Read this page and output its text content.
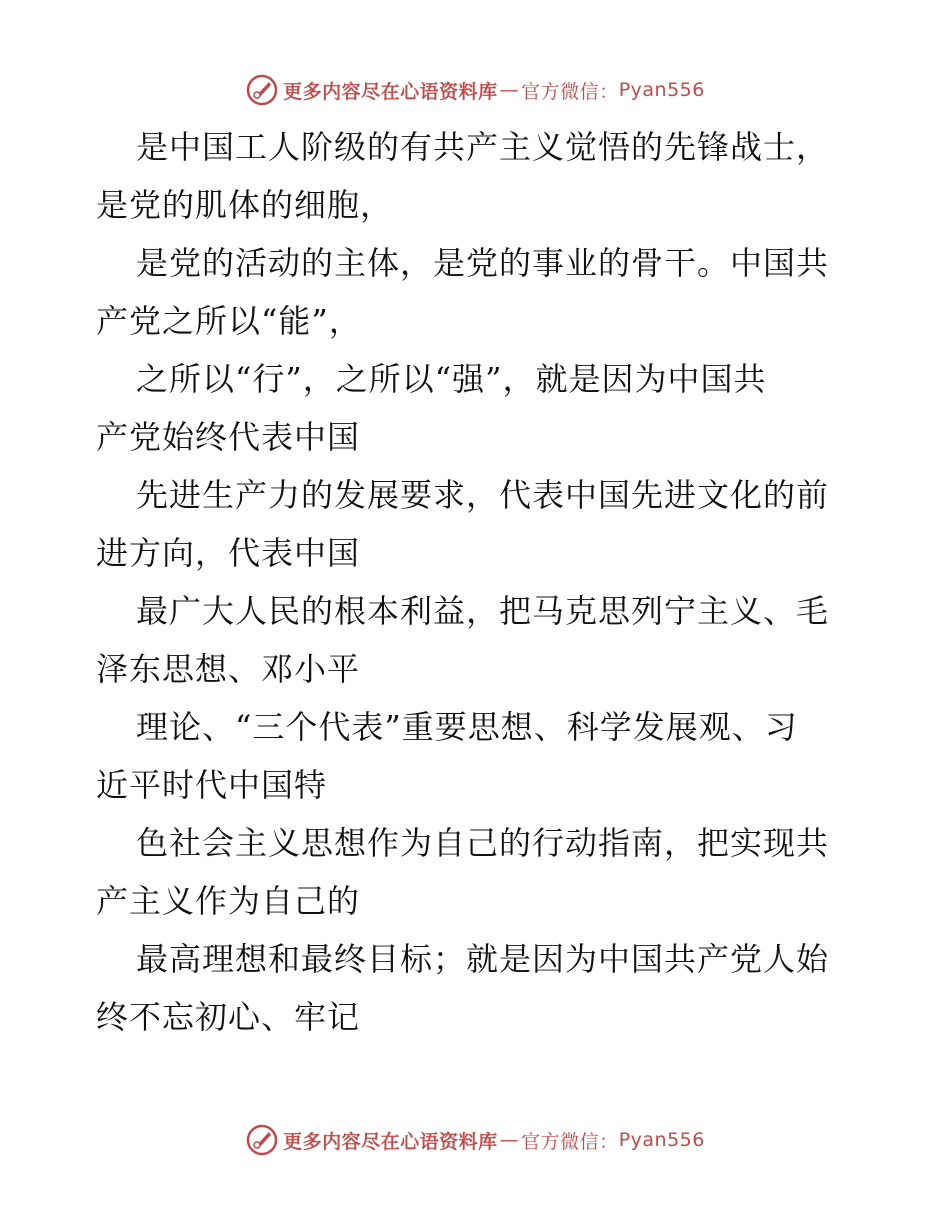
更多内容尽在心语资料库 — 官方微信： Pyan556
是中国工人阶级的有共产主义觉悟的先锋战士，
是党的肌体的细胞，
是党的活动的主体，是党的事业的骨干。中国共
产党之所以“能”，
之所以“行”，之所以“强”，就是因为中国共
产党始终代表中国
先进生产力的发展要求，代表中国先进文化的前
进方向，代表中国
最广大人民的根本利益，把马克思列宁主义、毛
泽东思想、邓小平
理论、“三个代表”重要思想、科学发展观、习
近平时代中国特
色社会主义思想作为自己的行动指南，把实现共
产主义作为自己的
最高理想和最终目标；就是因为中国共产党人始
终不忘初心、牢记
更多内容尽在心语资料库 — 官方微信： Pyan556
